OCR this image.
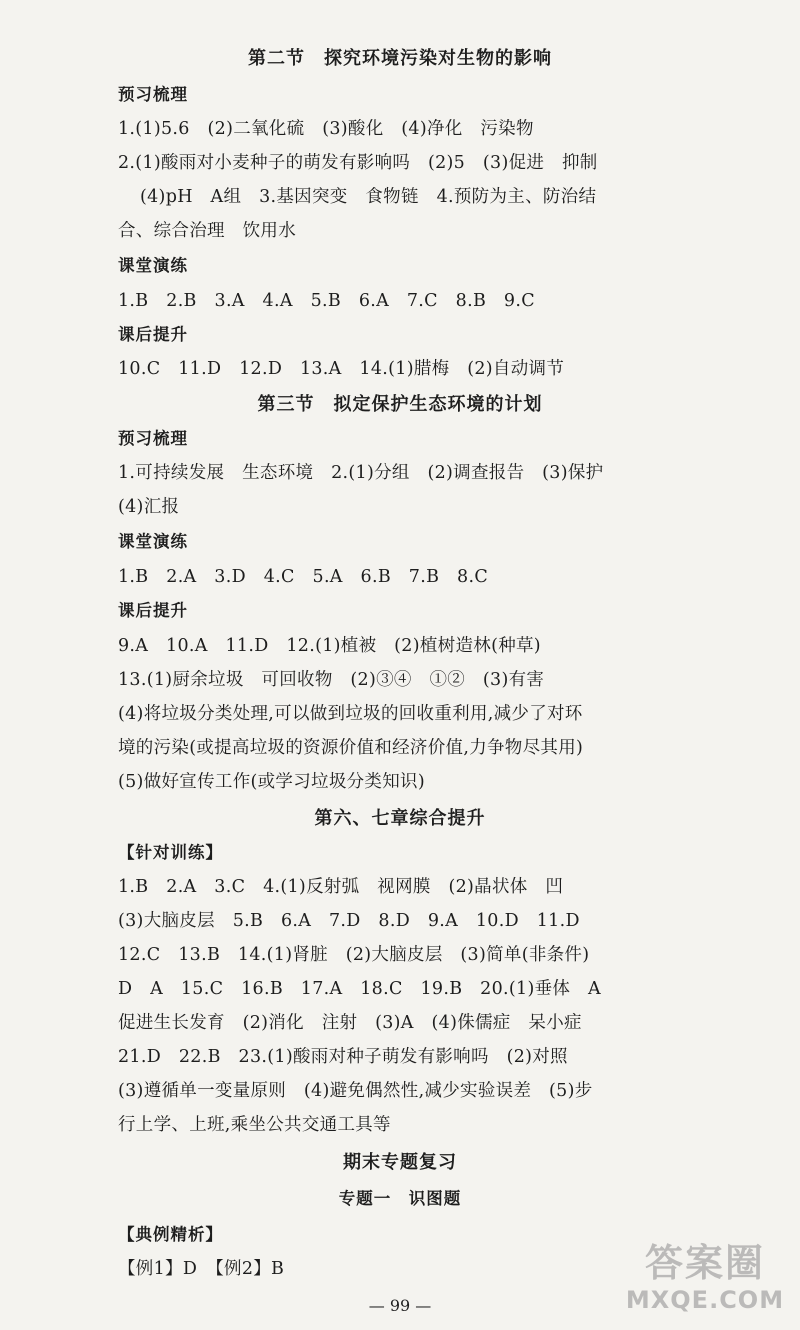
第二节　探究环境污染对生物的影响
预习梳理
1.(1)5.6　(2)二氧化硫　(3)酸化　(4)净化　污染物
2.(1)酸雨对小麦种子的萌发有影响吗　(2)5　(3)促进　抑制
(4)pH　A组　3.基因突变　食物链　4.预防为主、防治结
合、综合治理　饮用水
课堂演练
1.B　2.B　3.A　4.A　5.B　6.A　7.C　8.B　9.C
课后提升
10.C　11.D　12.D　13.A　14.(1)腊梅　(2)自动调节
第三节　拟定保护生态环境的计划
预习梳理
1.可持续发展　生态环境　2.(1)分组　(2)调查报告　(3)保护
(4)汇报
课堂演练
1.B　2.A　3.D　4.C　5.A　6.B　7.B　8.C
课后提升
9.A　10.A　11.D　12.(1)植被　(2)植树造林(种草)
13.(1)厨余垃圾　可回收物　(2)③④　①②　(3)有害
(4)将垃圾分类处理,可以做到垃圾的回收重利用,减少了对环
境的污染(或提高垃圾的资源价值和经济价值,力争物尽其用)
(5)做好宣传工作(或学习垃圾分类知识)
第六、七章综合提升
【针对训练】
1.B　2.A　3.C　4.(1)反射弧　视网膜　(2)晶状体　凹
(3)大脑皮层　5.B　6.A　7.D　8.D　9.A　10.D　11.D
12.C　13.B　14.(1)肾脏　(2)大脑皮层　(3)简单(非条件)
D　A　15.C　16.B　17.A　18.C　19.B　20.(1)垂体　A
促进生长发育　(2)消化　注射　(3)A　(4)侏儒症　呆小症
21.D　22.B　23.(1)酸雨对种子萌发有影响吗　(2)对照
(3)遵循单一变量原则　(4)避免偶然性,减少实验误差　(5)步
行上学、上班,乘坐公共交通工具等
期末专题复习
专题一　识图题
【典例精析】
【例1】D　【例2】B
— 99 —
答案圈
MXQE.COM
